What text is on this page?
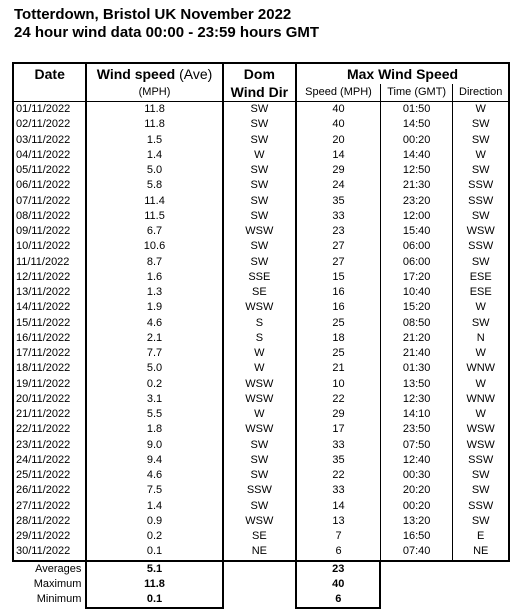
Totterdown, Bristol UK November 2022
24 hour wind data 00:00 - 23:59 hours GMT
Date	Wind speed (Ave)	Dom	Max Wind Speed		
	(MPH)	Wind Dir	Speed (MPH)	Time (GMT)	Direction
01/11/2022	11.8	SW	40	01:50	W
02/11/2022	11.8	SW	40	14:50	SW
03/11/2022	1.5	SW	20	00:20	SW
04/11/2022	1.4	W	14	14:40	W
05/11/2022	5.0	SW	29	12:50	SW
06/11/2022	5.8	SW	24	21:30	SSW
07/11/2022	11.4	SW	35	23:20	SSW
08/11/2022	11.5	SW	33	12:00	SW
09/11/2022	6.7	WSW	23	15:40	WSW
10/11/2022	10.6	SW	27	06:00	SSW
11/11/2022	8.7	SW	27	06:00	SW
12/11/2022	1.6	SSE	15	17:20	ESE
13/11/2022	1.3	SE	16	10:40	ESE
14/11/2022	1.9	WSW	16	15:20	W
15/11/2022	4.6	S	25	08:50	SW
16/11/2022	2.1	S	18	21:20	N
17/11/2022	7.7	W	25	21:40	W
18/11/2022	5.0	W	21	01:30	WNW
19/11/2022	0.2	WSW	10	13:50	W
20/11/2022	3.1	WSW	22	12:30	WNW
21/11/2022	5.5	W	29	14:10	W
22/11/2022	1.8	WSW	17	23:50	WSW
23/11/2022	9.0	SW	33	07:50	WSW
24/11/2022	9.4	SW	35	12:40	SSW
25/11/2022	4.6	SW	22	00:30	SW
26/11/2022	7.5	SSW	33	20:20	SW
27/11/2022	1.4	SW	14	00:20	SSW
28/11/2022	0.9	WSW	13	13:20	SW
29/11/2022	0.2	SE	7	16:50	E
30/11/2022	0.1	NE	6	07:40	NE
Averages	5.1		23		
Maximum	11.8		40		
Minimum	0.1		6		
